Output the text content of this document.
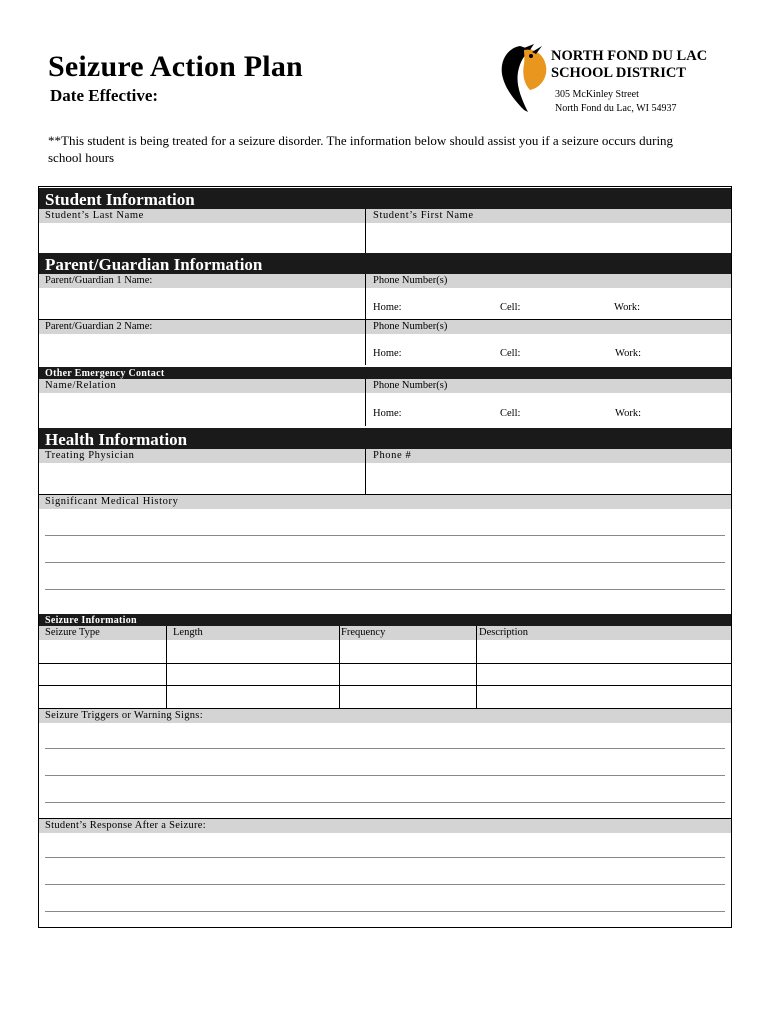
Seizure Action Plan
Date Effective:
NORTH FOND DU LAC
SCHOOL DISTRICT
305 McKinley Street
North Fond du Lac, WI 54937
**This student is being treated for a seizure disorder. The information below should assist you if a seizure occurs during
school hours
Student Information
Student’s Last Name	Student’s First Name
Parent/Guardian Information
Parent/Guardian 1 Name:	Phone Number(s)
Home:	Cell:	Work:
Parent/Guardian 2 Name:	Phone Number(s)
Home:	Cell:	Work:
Other Emergency Contact
Name/Relation	Phone Number(s)
Home:	Cell:	Work:
Health Information
Treating Physician	Phone #
Significant Medical History
Seizure Information
Seizure Type	Length	Frequency	Description
Seizure Triggers or Warning Signs:
Student’s Response After a Seizure:
